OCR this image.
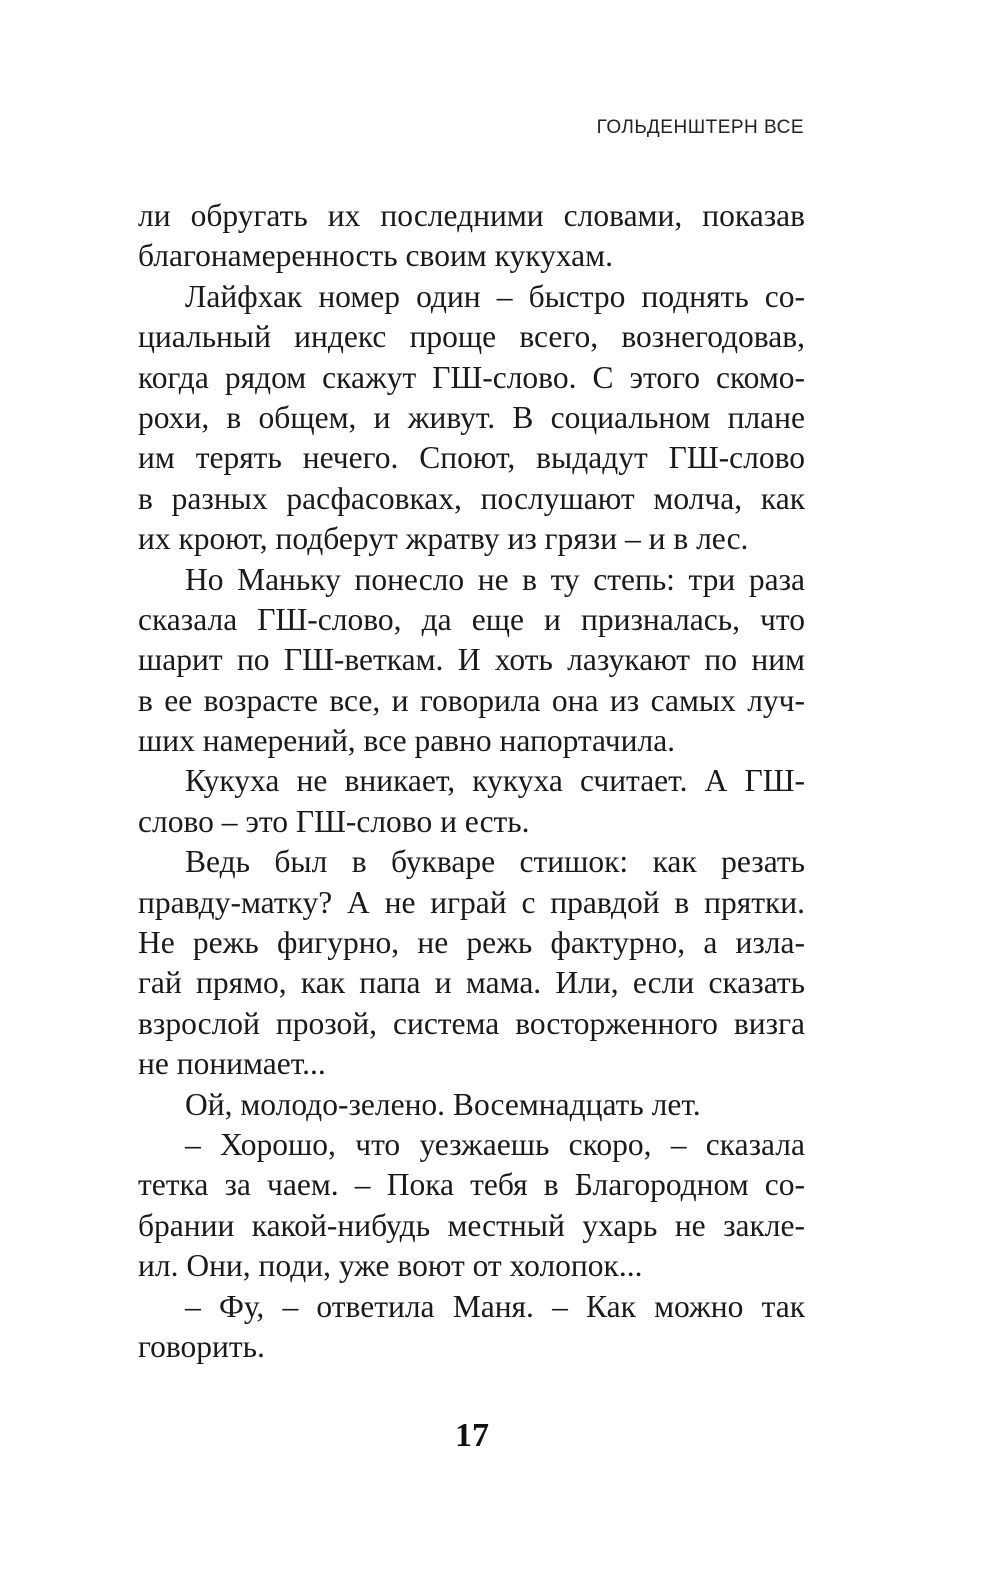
ГОЛЬДЕНШТЕРН ВСЕ
ли обругать их последними словами, показав
благонамеренность своим кукухам.
Лайфхак номер один – быстро поднять со-
циальный индекс проще всего, вознегодовав,
когда рядом скажут ГШ-слово. С этого скомо-
рохи, в общем, и живут. В социальном плане
им терять нечего. Споют, выдадут ГШ-слово
в разных расфасовках, послушают молча, как
их кроют, подберут жратву из грязи – и в лес.
Но Маньку понесло не в ту степь: три раза
сказала ГШ-слово, да еще и призналась, что
шарит по ГШ-веткам. И хоть лазукают по ним
в ее возрасте все, и говорила она из самых луч-
ших намерений, все равно напортачила.
Кукуха не вникает, кукуха считает. А ГШ-
слово – это ГШ-слово и есть.
Ведь был в букваре стишок: как резать
правду-матку? А не играй с правдой в прятки.
Не режь фигурно, не режь фактурно, а изла-
гай прямо, как папа и мама. Или, если сказать
взрослой прозой, система восторженного визга
не понимает...
Ой, молодо-зелено. Восемнадцать лет.
– Хорошо, что уезжаешь скоро, – сказала
тетка за чаем. – Пока тебя в Благородном со-
брании какой-нибудь местный ухарь не закле-
ил. Они, поди, уже воют от холопок...
– Фу, – ответила Маня. – Как можно так
говорить.
17
